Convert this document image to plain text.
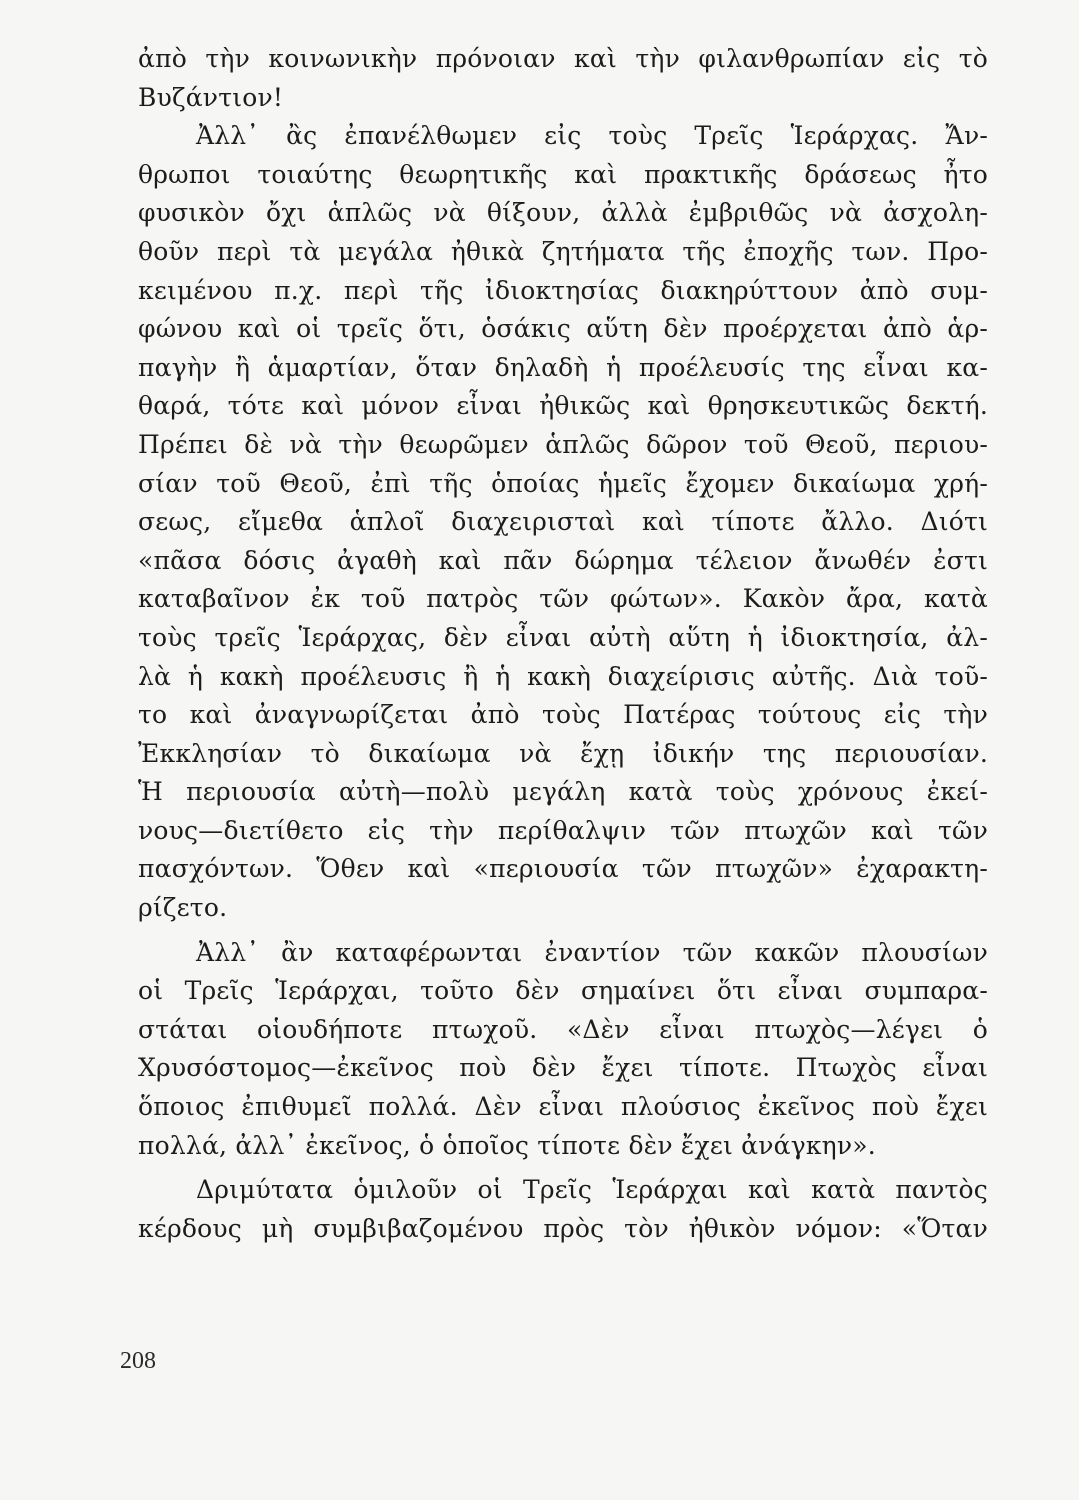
ἀπὸ τὴν κοινωνικὴν πρόνοιαν καὶ τὴν φιλανθρωπίαν εἰς τὸ
Βυζάντιον!
Ἀλλ᾽ ἂς ἐπανέλθωμεν εἰς τοὺς Τρεῖς Ἱεράρχας. Ἄν-
θρωποι τοιαύτης θεωρητικῆς καὶ πρακτικῆς δράσεως ἦτο
φυσικὸν ὄχι ἁπλῶς νὰ θίξουν, ἀλλὰ ἐμβριθῶς νὰ ἀσχολη-
θοῦν περὶ τὰ μεγάλα ἠθικὰ ζητήματα τῆς ἐποχῆς των. Προ-
κειμένου π.χ. περὶ τῆς ἰδιοκτησίας διακηρύττουν ἀπὸ συμ-
φώνου καὶ οἱ τρεῖς ὅτι, ὁσάκις αὕτη δὲν προέρχεται ἀπὸ ἁρ-
παγὴν ἢ ἁμαρτίαν, ὅταν δηλαδὴ ἡ προέλευσίς της εἶναι κα-
θαρά, τότε καὶ μόνον εἶναι ἠθικῶς καὶ θρησκευτικῶς δεκτή.
Πρέπει δὲ νὰ τὴν θεωρῶμεν ἁπλῶς δῶρον τοῦ Θεοῦ, περιου-
σίαν τοῦ Θεοῦ, ἐπὶ τῆς ὁποίας ἡμεῖς ἔχομεν δικαίωμα χρή-
σεως, εἴμεθα ἁπλοῖ διαχειρισταὶ καὶ τίποτε ἄλλο. Διότι
«πᾶσα δόσις ἀγαθὴ καὶ πᾶν δώρημα τέλειον ἄνωθέν ἐστι
καταβαῖνον ἐκ τοῦ πατρὸς τῶν φώτων». Κακὸν ἄρα, κατὰ
τοὺς τρεῖς Ἱεράρχας, δὲν εἶναι αὐτὴ αὕτη ἡ ἰδιοκτησία, ἀλ-
λὰ ἡ κακὴ προέλευσις ἢ ἡ κακὴ διαχείρισις αὐτῆς. Διὰ τοῦ-
το καὶ ἀναγνωρίζεται ἀπὸ τοὺς Πατέρας τούτους εἰς τὴν
Ἐκκλησίαν τὸ δικαίωμα νὰ ἔχῃ ἰδικήν της περιουσίαν.
Ἡ περιουσία αὐτὴ—πολὺ μεγάλη κατὰ τοὺς χρόνους ἐκεί-
νους—διετίθετο εἰς τὴν περίθαλψιν τῶν πτωχῶν καὶ τῶν
πασχόντων. Ὅθεν καὶ «περιουσία τῶν πτωχῶν» ἐχαρακτη-
ρίζετο.
Ἀλλ᾽ ἂν καταφέρωνται ἐναντίον τῶν κακῶν πλουσίων
οἱ Τρεῖς Ἱεράρχαι, τοῦτο δὲν σημαίνει ὅτι εἶναι συμπαρα-
στάται οἱουδήποτε πτωχοῦ. «Δὲν εἶναι πτωχὸς—λέγει ὁ
Χρυσόστομος—ἐκεῖνος ποὺ δὲν ἔχει τίποτε. Πτωχὸς εἶναι
ὅποιος ἐπιθυμεῖ πολλά. Δὲν εἶναι πλούσιος ἐκεῖνος ποὺ ἔχει
πολλά, ἀλλ᾽ ἐκεῖνος, ὁ ὁποῖος τίποτε δὲν ἔχει ἀνάγκην».
Δριμύτατα ὁμιλοῦν οἱ Τρεῖς Ἱεράρχαι καὶ κατὰ παντὸς
κέρδους μὴ συμβιβαζομένου πρὸς τὸν ἠθικὸν νόμον: «Ὅταν
208
